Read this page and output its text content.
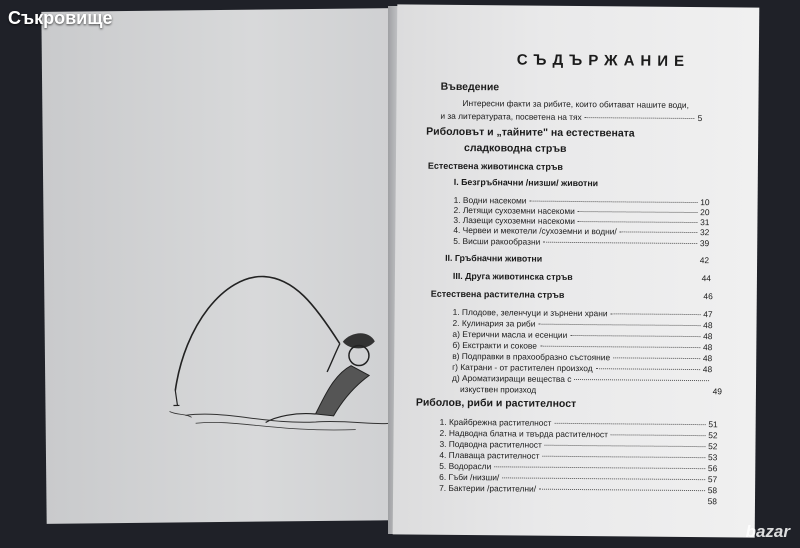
СЪДЪРЖАНИЕ
Въведение
Интересни факти за рибите, които обитават нашите води,
и за литературата, посветена на тях	5
Риболовът и „тайните" на естествената
сладководна стръв
Естествена животинска стръв
I. Безгръбначни /низши/ животни
1. Водни насекоми	10
2. Летящи сухоземни насекоми	20
3. Лазещи сухоземни насекоми	31
4. Червеи и мекотели /сухоземни и водни/	32
5. Висши ракообразни	39
II. Гръбначни животни	42
III. Друга животинска стръв	44
Естествена растителна стръв	46
1. Плодове, зеленчуци и зърнени храни	47
2. Кулинария за риби	48
а) Етерични масла и есенции	48
б) Екстракти и сокове	48
в) Подправки в прахообразно състояние	48
г) Катрани - от растителен произход	48
д) Ароматизиращи вещества с
изкуствен произход	49
Риболов, риби и растителност
1. Крайбрежна растителност	51
2. Надводна блатна и твърда растителност	52
3. Подводна растителност	52
4. Плаваща растителност	53
5. Водорасли	56
6. Гъби /низши/	57
7. Бактерии /растителни/	58
58
Съкровище
bazar
